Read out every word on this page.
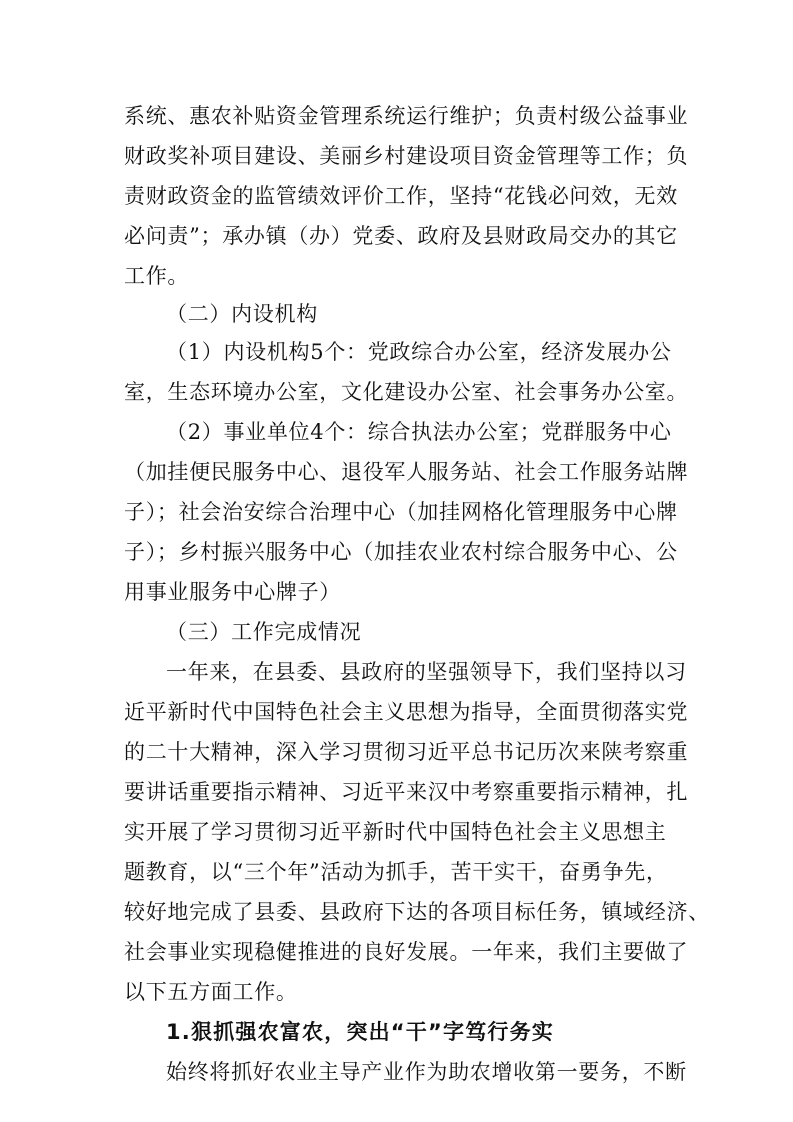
系统、惠农补贴资金管理系统运行维护；负责村级公益事业
财政奖补项目建设、美丽乡村建设项目资金管理等工作；负
责财政资金的监管绩效评价工作，坚持“花钱必问效，无效
必问责”；承办镇（办）党委、政府及县财政局交办的其它
工作。
（二）内设机构
（1）内设机构5个：党政综合办公室，经济发展办公
室，生态环境办公室，文化建设办公室、社会事务办公室。
（2）事业单位4个：综合执法办公室；党群服务中心
（加挂便民服务中心、退役军人服务站、社会工作服务站牌
子）；社会治安综合治理中心（加挂网格化管理服务中心牌
子）；乡村振兴服务中心（加挂农业农村综合服务中心、公
用事业服务中心牌子）
（三）工作完成情况
一年来，在县委、县政府的坚强领导下，我们坚持以习
近平新时代中国特色社会主义思想为指导，全面贯彻落实党
的二十大精神，深入学习贯彻习近平总书记历次来陕考察重
要讲话重要指示精神、习近平来汉中考察重要指示精神，扎
实开展了学习贯彻习近平新时代中国特色社会主义思想主
题教育，以“三个年”活动为抓手，苦干实干，奋勇争先，
较好地完成了县委、县政府下达的各项目标任务，镇域经济、
社会事业实现稳健推进的良好发展。一年来，我们主要做了
以下五方面工作。
1.狠抓强农富农，突出“干”字笃行务实
始终将抓好农业主导产业作为助农增收第一要务，不断
